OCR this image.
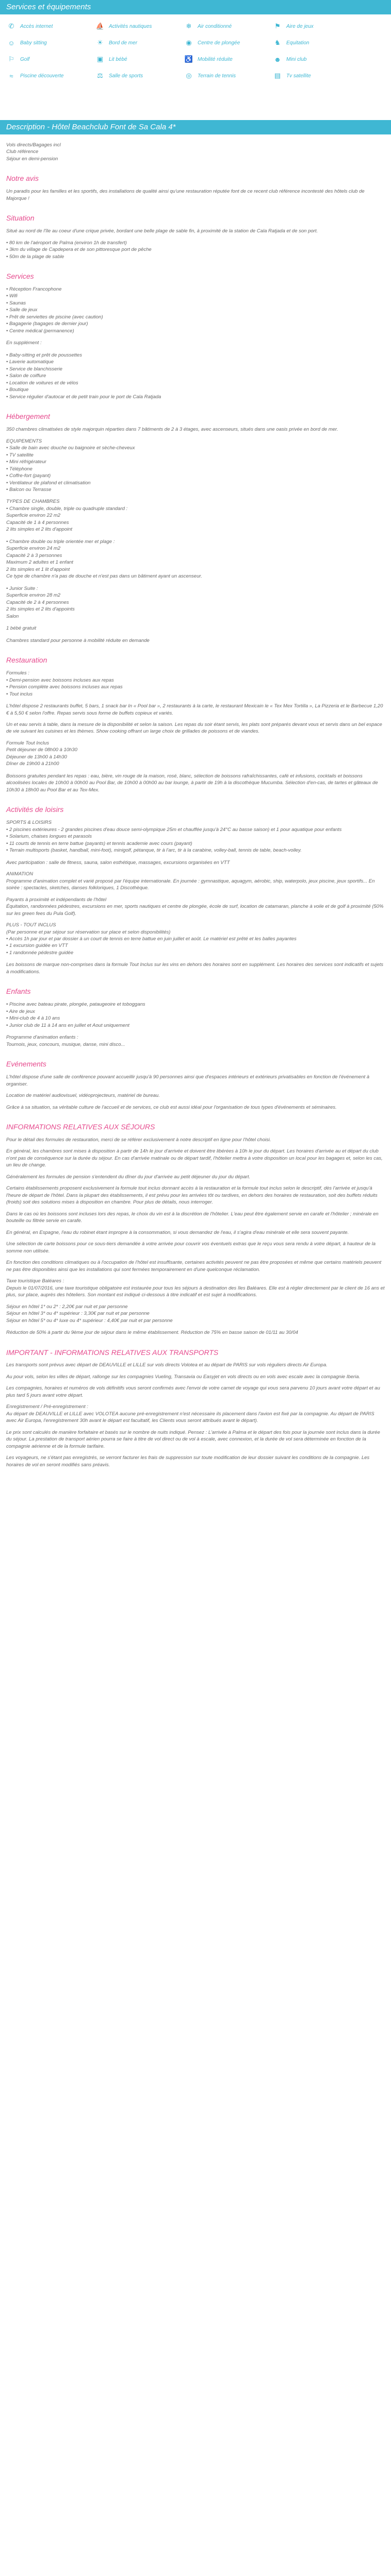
Services et équipements
✆ Accès internet	⛵ Activités nautiques	❄ Air conditionné	⚑ Aire de jeux
☺ Baby sitting	☀ Bord de mer	◉ Centre de plongée	♞ Equitation
⚐ Golf	▣ Lit bébé	♿ Mobilité réduite	☻ Mini club
≈	Piscine découverte	⚖ Salle de sports	◎ Terrain de tennis	▤ Tv satellite
Description - Hôtel Beachclub Font de Sa Cala 4*
Vols directs/Bagages incl
Club référence
Séjour en demi-pension
Notre avis

Un paradis pour les familles et les sportifs, des installations de qualité ainsi qu'une restauration réputée font de ce recent club référence incontesté des hôtels club de Majorque !

Situation

Situé au nord de l'île au coeur d'une crique privée, bordant une belle plage de sable fin, à proximité de la station de Cala Ratjada et de son port.

• 80 km de l'aéroport de Palma (environ 1h de transfert)
• 3km du village de Capdepera et de son pittoresque port de pêche
• 50m de la plage de sable
Services
• Réception Francophone
• Wifi
• Saunas
• Salle de jeux
• Prêt de serviettes de piscine (avec caution)
• Bagagerie (bagages de dernier jour)
• Centre médical (permanence)
En supplément :
• Baby-sitting et prêt de poussettes
• Laverie automatique
• Service de blanchisserie
• Salon de coiffure
• Location de voitures et de vélos
• Boutique
• Service régulier d'autocar et de petit train pour le port de Cala Ratjada
Hébergement

350 chambres climatisées de style majorquin réparties dans 7 bâtiments de 2 à 3 étages, avec ascenseurs, situés dans une oasis privée en bord de mer.

EQUIPEMENTS
• Salle de bain avec douche ou baignoire et sèche-cheveux
• TV satellite
• Mini réfrigérateur
• Téléphone
• Coffre-fort (payant)
• Ventilateur de plafond et climatisation
• Balcon ou Terrasse
TYPES DE CHAMBRES
• Chambre single, double, triple ou quadruple standard :
Superficie environ 22 m2
Capacité de 1 à 4 personnes
2 lits simples et 2 lits d'appoint
• Chambre double ou triple orientée mer et plage :
Superficie environ 24 m2
Capacité 2 à 3 personnes
Maximum 2 adultes et 1 enfant
2 lits simples et 1 lit d'appoint
Ce type de chambre n'a pas de douche et n'est pas dans un bâtiment ayant un ascenseur.
• Junior Suite :
Superficie environ 28 m2
Capacité de 2 à 4 personnes
2 lits simples et 2 lits d'appoints
Salon
1 bébé gratuit

Chambres standard pour personne à mobilité réduite en demande

Restauration
Formules :
• Demi-pension avec boissons incluses aux repas
• Pension complète avec boissons incluses aux repas
• Tout inclus

L'hôtel dispose 2 restaurants buffet, 5 bars, 1 snack bar In « Pool bar », 2 restaurants à la carte, le restaurant Mexicain le « Tex Mex Tortilla », La Pizzeria et le Barbecue 1,20 € à 5,50 € selon l'offre. Repas servis sous forme de buffets copieux et variés.

Un et eau servis à table, dans la mesure de la disponibilité et selon la saison. Les repas du soir étant servis, les plats sont préparés devant vous et servis dans un bel espace de vie suivant les cuisines et les thèmes. Show cooking offrant un large choix de grillades de poissons et de viandes.

Formule Tout Inclus
Petit déjeuner de 08h00 à 10h30
Déjeuner de 13h00 à 14h30
Dîner de 19h00 à 21h00

Boissons gratuites pendant les repas : eau, bière, vin rouge de la maison, rosé, blanc, sélection de boissons rafraîchissantes, café et infusions, cocktails et boissons alcoolisées locales de 10h00 à 00h00 au Pool Bar, de 10h00 à 00h00 au bar lounge, à partir de 19h à la discothèque Mucumba. Sélection d'en-cas, de tartes et gâteaux de 10h30 à 18h00 au Pool Bar et au Tex-Mex.

Activités de loisirs
SPORTS & LOISIRS
• 2 piscines extérieures - 2 grandes piscines d'eau douce semi-olympique 25m et chauffée jusqu'à 24°C au basse saison) et 1 pour aquatique pour enfants
• Solarium, chaises longues et parasols
• 11 courts de tennis en terre battue (payants) et tennis academie avec cours (payant)
• Terrain multisports (basket, handball, mini-foot), minigolf, pétanque, tir à l'arc, tir à la carabine, volley-ball, tennis de table, beach-volley.

Avec participation : salle de fitness, sauna, salon esthétique, massages, excursions organisées en VTT

ANIMATION

Programme d'animation complet et varié proposé par l'équipe internationale. En journée : gymnastique, aquagym, aérobic, ship, waterpolo, jeux piscine, jeux sportifs... En soirée : spectacles, sketches, danses folkloriques, 1 Discothèque.

Payants à proximité et indépendants de l'hôtel

Équitation, randonnées pédestres, excursions en mer, sports nautiques et centre de plongée, école de surf, location de catamaran, planche à voile et de golf à proximité (50% sur les green fees du Pula Golf).

PLUS - TOUT INCLUS
(Par personne et par séjour sur réservation sur place et selon disponibilités)
• Accès 1h par jour et par dossier à un court de tennis en terre battue en juin juillet et août. Le matériel est prêté et les balles payantes
• 1 excursion guidée en VTT
• 1 randonnée pédestre guidée

Les boissons de marque non-comprises dans la formule Tout Inclus sur les vins en dehors des horaires sont en supplément. Les horaires des services sont indicatifs et sujets à modifications.

Enfants
• Piscine avec bateau pirate, plongée, pataugeoire et toboggans
• Aire de jeux
• Mini-club de 4 à 10 ans
• Junior club de 11 à 14 ans en juillet et Aout uniquement
Programme d'animation enfants :
Tournois, jeux, concours, musique, danse, mini disco...
Evénements

L'hôtel dispose d'une salle de conférence pouvant accueillir jusqu'à 90 personnes ainsi que d'espaces intérieurs et extérieurs privatisables en fonction de l'événement à organiser.

Location de matériel audiovisuel, vidéoprojecteurs, matériel de bureau.

Grâce à sa situation, sa véritable culture de l'accueil et de services, ce club est aussi idéal pour l'organisation de tous types d'événements et séminaires.

INFORMATIONS RELATIVES AUX SÉJOURS

Pour le détail des formules de restauration, merci de se référer exclusivement à notre descriptif en ligne pour l'hôtel choisi.

En général, les chambres sont mises à disposition à partir de 14h le jour d'arrivée et doivent être libérées à 10h le jour du départ. Les horaires d'arrivée au et départ du club n'ont pas de conséquence sur la durée du séjour. En cas d'arrivée matinale ou de départ tardif, l'hôtelier mettra à votre disposition un local pour les bagages et, selon les cas, un lieu de change.

Généralement les formules de pension s'entendent du dîner du jour d'arrivée au petit déjeuner du jour du départ.

Certains établissements proposent exclusivement la formule tout inclus donnant accès à la restauration et la formule tout inclus selon le descriptif, dès l'arrivée et jusqu'à l'heure de départ de l'hôtel. Dans la plupart des établissements, il est prévu pour les arrivées tôt ou tardives, en dehors des horaires de restauration, soit des buffets réduits (froids) soit des solutions mises à disposition en chambre. Pour plus de détails, nous interroger.

Dans le cas où les boissons sont incluses lors des repas, le choix du vin est à la discrétion de l'hôtelier. L'eau peut être également servie en carafe et l'hôtelier ; minérale en bouteille ou filtrée servie en carafe.

En général, en Espagne, l'eau du robinet étant impropre à la consommation, si vous demandez de l'eau, il s'agira d'eau minérale et elle sera souvent payante.

Une sélection de carte boissons pour ce sous-tiers demandée à votre arrivée pour couvrir vos éventuels extras que le reçu vous sera rendu à votre départ, à hauteur de la somme non utilisée.

En fonction des conditions climatiques ou à l'occupation de l'hôtel est insuffisante, certaines activités peuvent ne pas être proposées et même que certains matériels peuvent ne pas être disponibles ainsi que les installations qui sont fermées temporairement en d'une quelconque réclamation.

Taxe touristique Baléares :

Depuis le 01/07/2016, une taxe touristique obligatoire est instaurée pour tous les séjours à destination des îles Baléares. Elle est à régler directement par le client de 16 ans et plus, sur place, auprès des hôteliers. Son montant est indiqué ci-dessous à titre indicatif et est sujet à modifications.

Séjour en hôtel 1* ou 2* : 2,20€ par nuit et par personne
Séjour en hôtel 3* ou 4* supérieur : 3,30€ par nuit et par personne
Séjour en hôtel 5* ou 4* luxe ou 4* supérieur : 4,40€ par nuit et par personne

Réduction de 50% à partir du 9ème jour de séjour dans le même établissement. Réduction de 75% en basse saison de 01/11 au 30/04

IMPORTANT - INFORMATIONS RELATIVES AUX TRANSPORTS

Les transports sont prévus avec départ de DEAUVILLE et LILLE sur vols directs Volotea et au départ de PARIS sur vols réguliers directs Air Europa.

Au pour vols, selon les villes de départ, rallonge sur les compagnies Vueling, Transavia ou Easyjet en vols directs ou en vols avec escale avec la compagnie Iberia.

Les compagnies, horaires et numéros de vols définitifs vous seront confirmés avec l'envoi de votre carnet de voyage qui vous sera parvenu 10 jours avant votre départ et au plus tard 5 jours avant votre départ.

Enregistrement / Pré-enregistrement :

Au départ de DEAUVILLE et LILLE avec VOLOTEA aucune pré-enregistrement n'est nécessaire ils placement dans l'avion est fixé par la compagnie. Au départ de PARIS avec Air Europa, l'enregistrement 30h avant le départ est facultatif, les Clients vous seront attribués avant le départ).

Le prix sont calculés de manière forfaitaire et basés sur le nombre de nuits indiqué. Pensez : L'arrivée à Palma et le départ des fois pour la journée sont inclus dans la durée du séjour. La prestation de transport aérien pourra se faire à titre de vol direct ou de vol à escale, avec connexion, et la durée de vol sera déterminée en fonction de la compagnie aérienne et de la formule tarifaire.

Les voyageurs, ne s'étant pas enregistrés, se verront facturer les frais de suppression sur toute modification de leur dossier suivant les conditions de la compagnie. Les horaires de vol en seront modifiés sans préavis.
